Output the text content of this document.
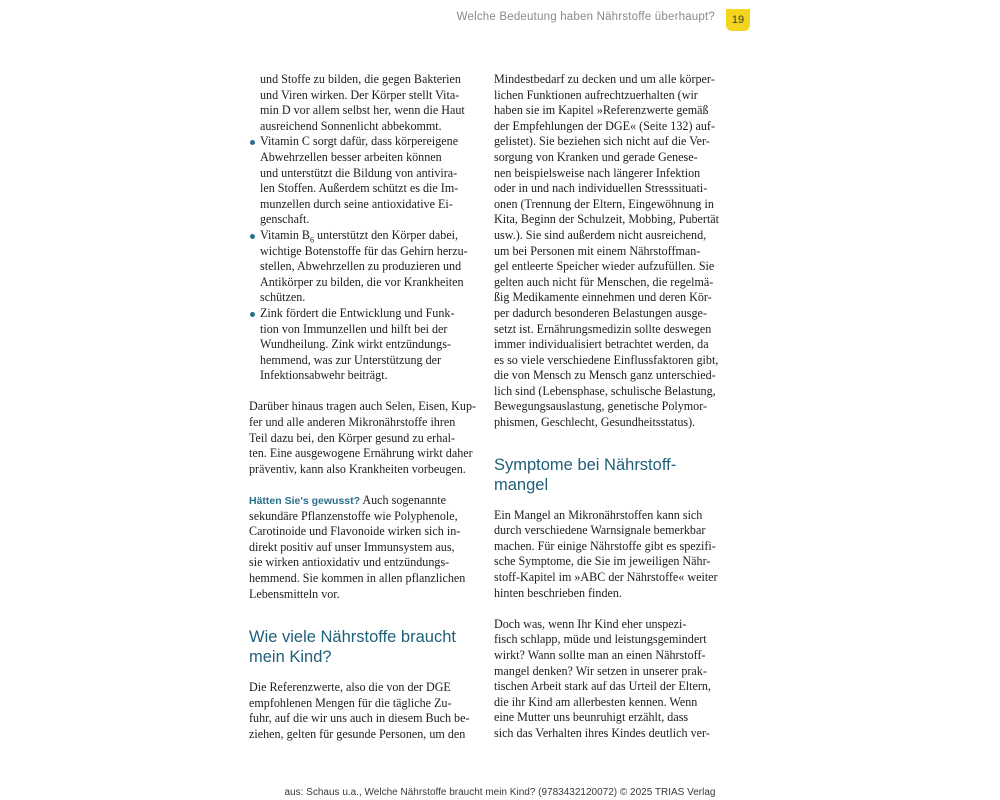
Welche Bedeutung haben Nährstoffe überhaupt?	19
und Stoffe zu bilden, die gegen Bakterien
und Viren wirken. Der Körper stellt Vita-
min D vor allem selbst her, wenn die Haut
ausreichend Sonnenlicht abbekommt.
Vitamin C sorgt dafür, dass körpereigene
Abwehrzellen besser arbeiten können
und unterstützt die Bildung von antivira-
len Stoffen. Außerdem schützt es die Im-
munzellen durch seine antioxidative Ei-
genschaft.
Vitamin $B_6$ unterstützt den Körper dabei,
wichtige Botenstoffe für das Gehirn herzu-
stellen, Abwehrzellen zu produzieren und
Antikörper zu bilden, die vor Krankheiten
schützen.
Zink fördert die Entwicklung und Funk-
tion von Immunzellen und hilft bei der
Wundheilung. Zink wirkt entzündungs-
hemmend, was zur Unterstützung der
Infektionsabwehr beiträgt.
Darüber hinaus tragen auch Selen, Eisen, Kup-
fer und alle anderen Mikronährstoffe ihren
Teil dazu bei, den Körper gesund zu erhal-
ten. Eine ausgewogene Ernährung wirkt daher
präventiv, kann also Krankheiten vorbeugen.
Hätten Sie's gewusst? Auch sogenannte
sekundäre Pflanzenstoffe wie Polyphenole,
Carotinoide und Flavonoide wirken sich in-
direkt positiv auf unser Immunsystem aus,
sie wirken antioxidativ und entzündungs-
hemmend. Sie kommen in allen pflanzlichen
Lebensmitteln vor.
Wie viele Nährstoffe braucht
mein Kind?
Die Referenzwerte, also die von der DGE
empfohlenen Mengen für die tägliche Zu-
fuhr, auf die wir uns auch in diesem Buch be-
ziehen, gelten für gesunde Personen, um den
Mindestbedarf zu decken und um alle körper-
lichen Funktionen aufrechtzuerhalten (wir
haben sie im Kapitel »Referenzwerte gemäß
der Empfehlungen der DGE« (Seite 132) auf-
gelistet). Sie beziehen sich nicht auf die Ver-
sorgung von Kranken und gerade Genese-
nen beispielsweise nach längerer Infektion
oder in und nach individuellen Stresssituati-
onen (Trennung der Eltern, Eingewöhnung in
Kita, Beginn der Schulzeit, Mobbing, Pubertät
usw.). Sie sind außerdem nicht ausreichend,
um bei Personen mit einem Nährstoffman-
gel entleerte Speicher wieder aufzufüllen. Sie
gelten auch nicht für Menschen, die regelmä-
ßig Medikamente einnehmen und deren Kör-
per dadurch besonderen Belastungen ausge-
setzt ist. Ernährungsmedizin sollte deswegen
immer individualisiert betrachtet werden, da
es so viele verschiedene Einflussfaktoren gibt,
die von Mensch zu Mensch ganz unterschied-
lich sind (Lebensphase, schulische Belastung,
Bewegungsauslastung, genetische Polymor-
phismen, Geschlecht, Gesundheitsstatus).
Symptome bei Nährstoff-
mangel
Ein Mangel an Mikronährstoffen kann sich
durch verschiedene Warnsignale bemerkbar
machen. Für einige Nährstoffe gibt es spezifi-
sche Symptome, die Sie im jeweiligen Nähr-
stoff-Kapitel im »ABC der Nährstoffe« weiter
hinten beschrieben finden.
Doch was, wenn Ihr Kind eher unspezi-
fisch schlapp, müde und leistungsgemindert
wirkt? Wann sollte man an einen Nährstoff-
mangel denken? Wir setzen in unserer prak-
tischen Arbeit stark auf das Urteil der Eltern,
die ihr Kind am allerbesten kennen. Wenn
eine Mutter uns beunruhigt erzählt, dass
sich das Verhalten ihres Kindes deutlich ver-
aus: Schaus u.a., Welche Nährstoffe braucht mein Kind? (9783432120072) © 2025 TRIAS Verlag
